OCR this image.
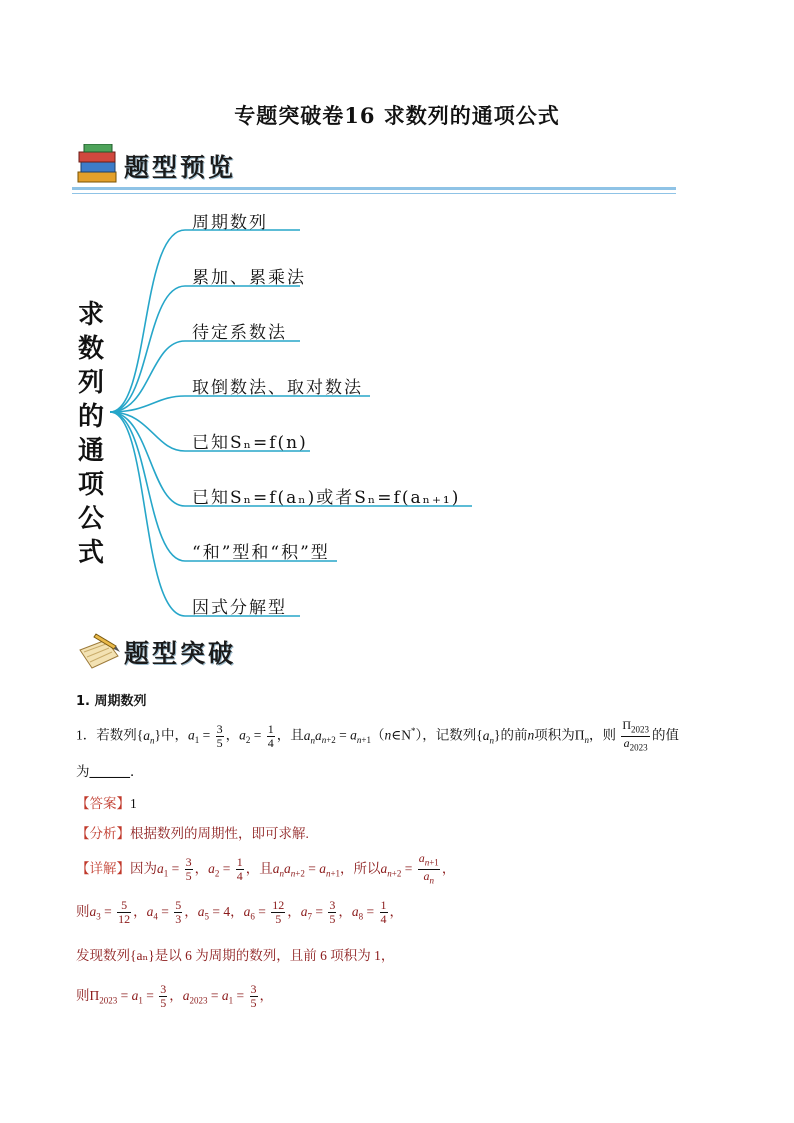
专题突破卷16 求数列的通项公式
题型预览
求数列的通项公式
周期数列
累加、累乘法
待定系数法
取倒数法、取对数法
已知Sₙ=f(n)
已知Sₙ=f(aₙ)或者Sₙ=f(aₙ₊₁)
“和”型和“积”型
因式分解型
题型突破
1. 周期数列
1．若数列$\{a_n\}$中，$a_1 = \frac{3}{5}$ ，$a_2 = \frac{1}{4}$ ，且$a_na_{n+2}$ = $a_{n+1}(n\in N^*)$，记数列$\{a_n\}$的前n项积为$\Pi_n$，则 $\frac{\Pi_{2023}}{a_{2023}}$ 的值
为______．
【答案】1
【分析】根据数列的周期性，即可求解.
【详解】因为$a_1 = \frac{3}{5}$ ，$a_2 = \frac{1}{4}$ ，且$a_na_{n+2} = a_{n+1}$，所以$a_{n+2} = \frac{a_{n+1}}{a_n}$ ，
则$a_3 = \frac{5}{12}$ ，$a_4 = \frac{5}{3}$ ，$a_5 = 4$，$a_6 = \frac{12}{5}$ ，$a_7 = \frac{3}{5}$ ，$a_8 = \frac{1}{4}$ ，
发现数列{aₙ}是以 6 为周期的数列，且前 6 项积为 1，
则$\Pi_{2023} = a_1 = \frac{3}{5}$ ，$a_{2023} = a_1 = \frac{3}{5}$ ，
